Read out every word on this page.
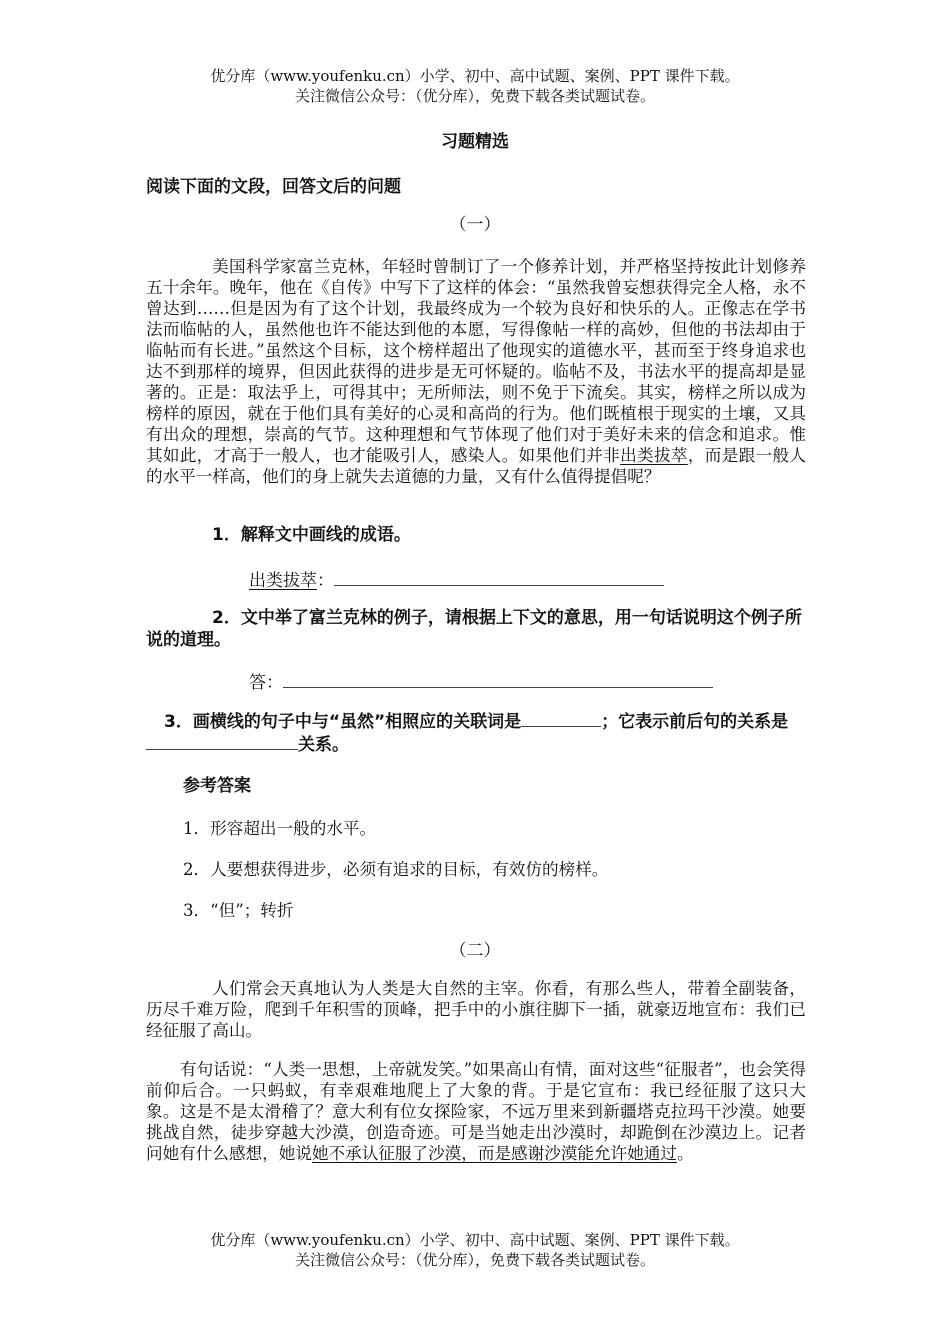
优分库（www.youfenku.cn）小学、初中、高中试题、案例、PPT 课件下载。
关注微信公众号：（优分库），免费下载各类试题试卷。
习题精选
阅读下面的文段，回答文后的问题
（一）
美国科学家富兰克林，年轻时曾制订了一个修养计划，并严格坚持按此计划修养五十余年。晚年，他在《自传》中写下了这样的体会：“虽然我曾妄想获得完全人格，永不曾达到……但是因为有了这个计划，我最终成为一个较为良好和快乐的人。正像志在学书法而临帖的人，虽然他也许不能达到他的本愿，写得像帖一样的高妙，但他的书法却由于临帖而有长进。”虽然这个目标，这个榜样超出了他现实的道德水平，甚而至于终身追求也达不到那样的境界，但因此获得的进步是无可怀疑的。临帖不及，书法水平的提高却是显著的。正是：取法乎上，可得其中；无所师法，则不免于下流矣。其实，榜样之所以成为榜样的原因，就在于他们具有美好的心灵和高尚的行为。他们既植根于现实的土壤，又具有出众的理想，崇高的气节。这种理想和气节体现了他们对于美好未来的信念和追求。惟其如此，才高于一般人，也才能吸引人，感染人。如果他们并非出类拔萃，而是跟一般人的水平一样高，他们的身上就失去道德的力量，又有什么值得提倡呢？
1．解释文中画线的成语。
出类拔萃：
2．文中举了富兰克林的例子，请根据上下文的意思，用一句话说明这个例子所说的道理。
答：
3．画横线的句子中与“虽然”相照应的关联词是	；它表示前后句的关系是关系。
参考答案
1．形容超出一般的水平。
2．人要想获得进步，必须有追求的目标，有效仿的榜样。
3．“但”；转折
（二）
人们常会天真地认为人类是大自然的主宰。你看，有那么些人，带着全副装备，历尽千难万险，爬到千年积雪的顶峰，把手中的小旗往脚下一插，就豪迈地宣布：我们已经征服了高山。
有句话说：“人类一思想，上帝就发笑。”如果高山有情，面对这些“征服者”，也会笑得前仰后合。一只蚂蚁，有幸艰难地爬上了大象的背。于是它宣布：我已经征服了这只大象。这是不是太滑稽了？意大利有位女探险家，不远万里来到新疆塔克拉玛干沙漠。她要挑战自然，徒步穿越大沙漠，创造奇迹。可是当她走出沙漠时，却跪倒在沙漠边上。记者问她有什么感想，她说她不承认征服了沙漠，而是感谢沙漠能允许她通过。
优分库（www.youfenku.cn）小学、初中、高中试题、案例、PPT 课件下载。
关注微信公众号：（优分库），免费下载各类试题试卷。
